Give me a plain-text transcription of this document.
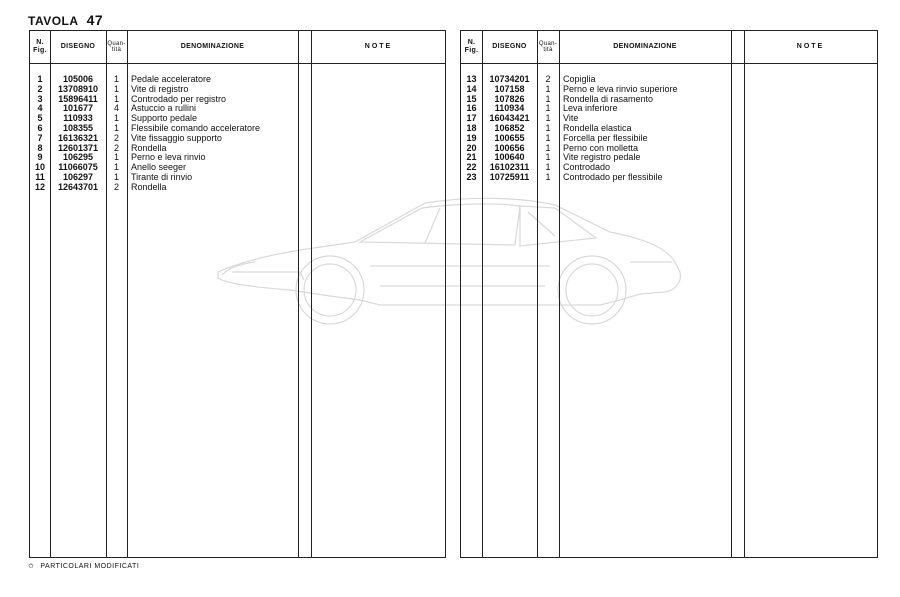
TAVOLA 47
N.
Fig.
DISEGNO	Quan-
tità	DENOMINAZIONE	NOTE
1	105006	1	Pedale acceleratore
2	13708910	1	Vite di registro
3	15896411	1	Controdado per registro
4	101677	4	Astuccio a rullini
5	110933	1	Supporto pedale
6	108355	1	Flessibile comando acceleratore
7	16136321	2	Vite fissaggio supporto
8	12601371	2	Rondella
9	106295	1	Perno e leva rinvio
10	11066075	1	Anello seeger
11	106297	1	Tirante di rinvio
12	12643701	2	Rondella
N.
Fig.
DISEGNO	Quan-
tità	DENOMINAZIONE	NOTE
13	10734201	2	Copiglia
14	107158	1	Perno e leva rinvio superiore
15	107826	1	Rondella di rasamento
16	110934	1	Leva inferiore
17	16043421	1	Vite
18	106852	1	Rondella elastica
19	100655	1	Forcella per flessibile
20	100656	1	Perno con molletta
21	100640	1	Vite registro pedale
22	16102311	1	Controdado
23	10725911	1	Controdado per flessibile
✩ PARTICOLARI MODIFICATI
